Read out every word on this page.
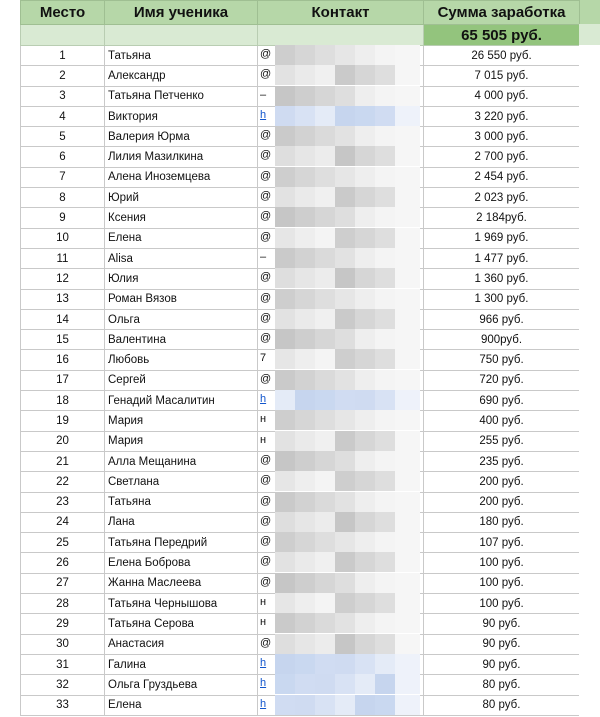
Место	Имя ученика	Контакт	Сумма заработка
			65 505 руб.
1	Татьяна	@	26 550 руб.
2	Александр	@	7 015 руб.
3	Татьяна Петченко	–	4 000 руб.
4	Виктория	h	3 220 руб.
5	Валерия Юрма	@	3 000 руб.
6	Лилия Мазилкина	@	2 700 руб.
7	Алена Иноземцева	@	2 454 руб.
8	Юрий	@	2 023 руб.
9	Ксения	@	2 184руб.
10	Елена	@	1 969 руб.
11	Alisa	–	1 477 руб.
12	Юлия	@	1 360 руб.
13	Роман Вязов	@	1 300 руб.
14	Ольга	@	966 руб.
15	Валентина	@	900руб.
16	Любовь	7	750 руб.
17	Сергей	@	720 руб.
18	Генадий Масалитин	h	690 руб.
19	Мария	н	400 руб.
20	Мария	н	255 руб.
21	Алла Мещанина	@	235 руб.
22	Светлана	@	200 руб.
23	Татьяна	@	200 руб.
24	Лана	@	180 руб.
25	Татьяна Передрий	@	107 руб.
26	Елена Боброва	@	100 руб.
27	Жанна Маслеева	@	100 руб.
28	Татьяна Чернышова	н	100 руб.
29	Татьяна Серова	н	90 руб.
30	Анастасия	@	90 руб.
31	Галина	h	90 руб.
32	Ольга Груздьева	h	80 руб.
33	Елена	h	80 руб.
